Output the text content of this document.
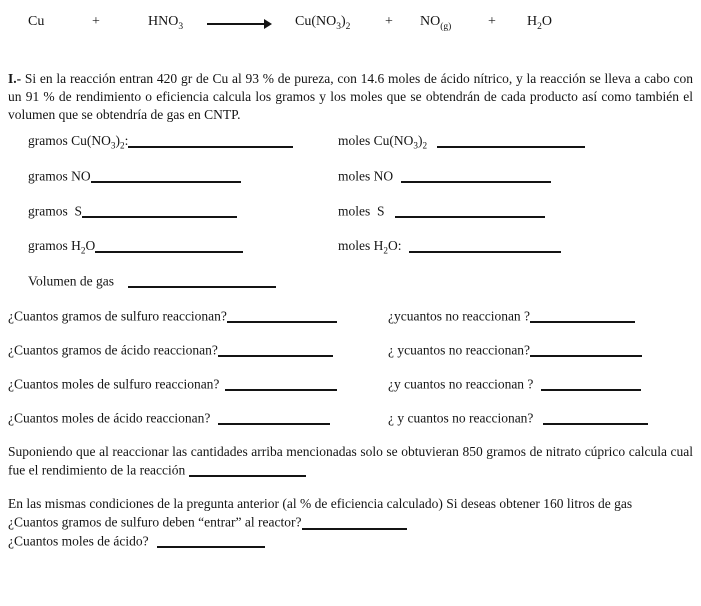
Cu	+	$HNO_3$	$Cu(NO_3)_2 + NO_{(g)}$	+ $H_2O$

I.- Si en la reacción entran 420 gr de Cu al 93 % de pureza, con 14.6 moles de ácido nítrico, y la reacción se lleva a cabo con un 91 % de rendimiento o eficiencia calcula los gramos y los moles que se obtendrán de cada producto así como también el volumen que se obtendría de gas en CNTP.

gramos $Cu(NO_3)_2$:	moles $Cu(NO_3)_2$
gramos NO	moles NO
gramos  S	moles  S
gramos $H_2O$	moles $H_2O$:
Volumen de gas
¿Cuantos gramos de sulfuro reaccionan?	¿ycuantos no reaccionan ?
¿Cuantos gramos de ácido reaccionan?	¿ ycuantos no reaccionan?
¿Cuantos moles de sulfuro reaccionan?	¿y cuantos no reaccionan ?
¿Cuantos moles de ácido reaccionan?	¿ y cuantos no reaccionan?

Suponiendo que al reaccionar las cantidades arriba mencionadas solo se obtuvieran 850 gramos de nitrato cúprico calcula cual fue el rendimiento de la reacción

En las mismas condiciones de la pregunta anterior (al % de eficiencia calculado) Si deseas obtener 160 litros de gas

¿Cuantos gramos de sulfuro deben “entrar” al reactor?
¿Cuantos moles de ácido?
